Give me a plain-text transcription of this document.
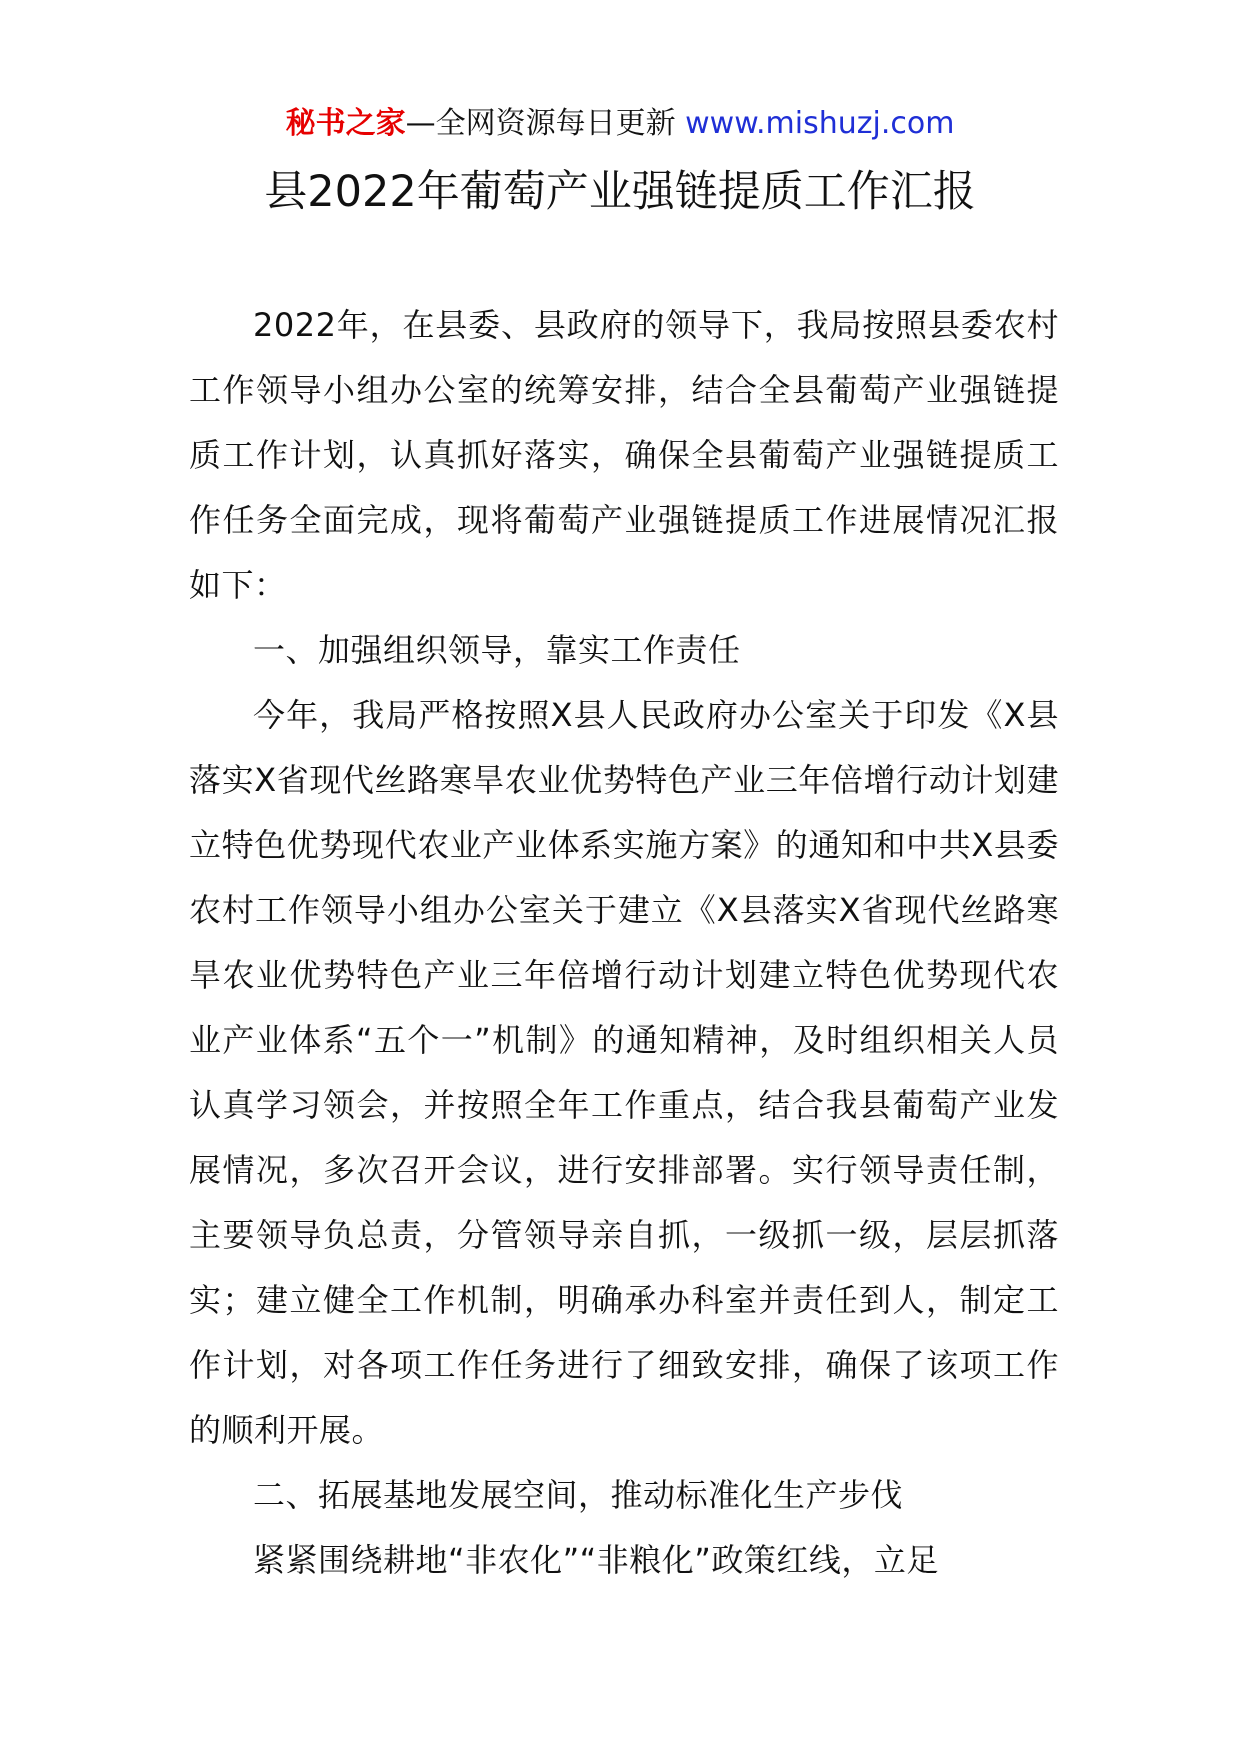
秘书之家—全网资源每日更新 www.mishuzj.com
县2022年葡萄产业强链提质工作汇报

2022年，在县委、县政府的领导下，我局按照县委农村工作领导小组办公室的统筹安排，结合全县葡萄产业强链提质工作计划，认真抓好落实，确保全县葡萄产业强链提质工作任务全面完成，现将葡萄产业强链提质工作进展情况汇报如下：

一、加强组织领导，靠实工作责任

今年，我局严格按照X县人民政府办公室关于印发《X县落实X省现代丝路寒旱农业优势特色产业三年倍增行动计划建立特色优势现代农业产业体系实施方案》的通知和中共X县委农村工作领导小组办公室关于建立《X县落实X省现代丝路寒旱农业优势特色产业三年倍增行动计划建立特色优势现代农业产业体系“五个一”机制》的通知精神，及时组织相关人员认真学习领会，并按照全年工作重点，结合我县葡萄产业发展情况，多次召开会议，进行安排部署。实行领导责任制，主要领导负总责，分管领导亲自抓，一级抓一级，层层抓落实；建立健全工作机制，明确承办科室并责任到人，制定工作计划，对各项工作任务进行了细致安排，确保了该项工作的顺利开展。

二、拓展基地发展空间，推动标准化生产步伐

紧紧围绕耕地“非农化”“非粮化”政策红线，立足
